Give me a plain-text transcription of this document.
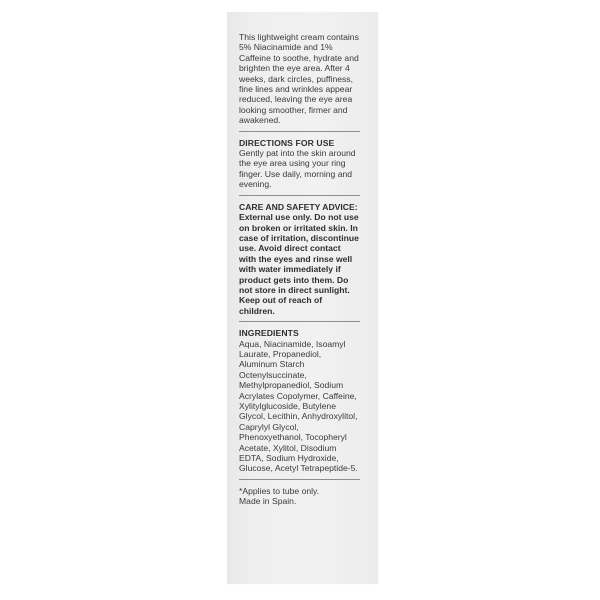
This lightweight cream contains 5% Niacinamide and 1% Caffeine to soothe, hydrate and brighten the eye area. After 4 weeks, dark circles, puffiness, fine lines and wrinkles appear reduced, leaving the eye area looking smoother, firmer and awakened.

DIRECTIONS FOR USE

Gently pat into the skin around the eye area using your ring finger. Use daily, morning and evening.

CARE AND SAFETY ADVICE: External use only. Do not use on broken or irritated skin. In case of irritation, discontinue use. Avoid direct contact with the eyes and rinse well with water immediately if product gets into them. Do not store in direct sunlight. Keep out of reach of children.

INGREDIENTS

Aqua, Niacinamide, Isoamyl Laurate, Propanediol, Aluminum Starch Octenylsuccinate, Methylpropanediol, Sodium Acrylates Copolymer, Caffeine, Xylitylglucoside, Butylene Glycol, Lecithin, Anhydroxylitol, Caprylyl Glycol, Phenoxyethanol, Tocopheryl Acetate, Xylitol, Disodium EDTA, Sodium Hydroxide, Glucose, Acetyl Tetrapeptide-5.

*Applies to tube only.

Made in Spain.
